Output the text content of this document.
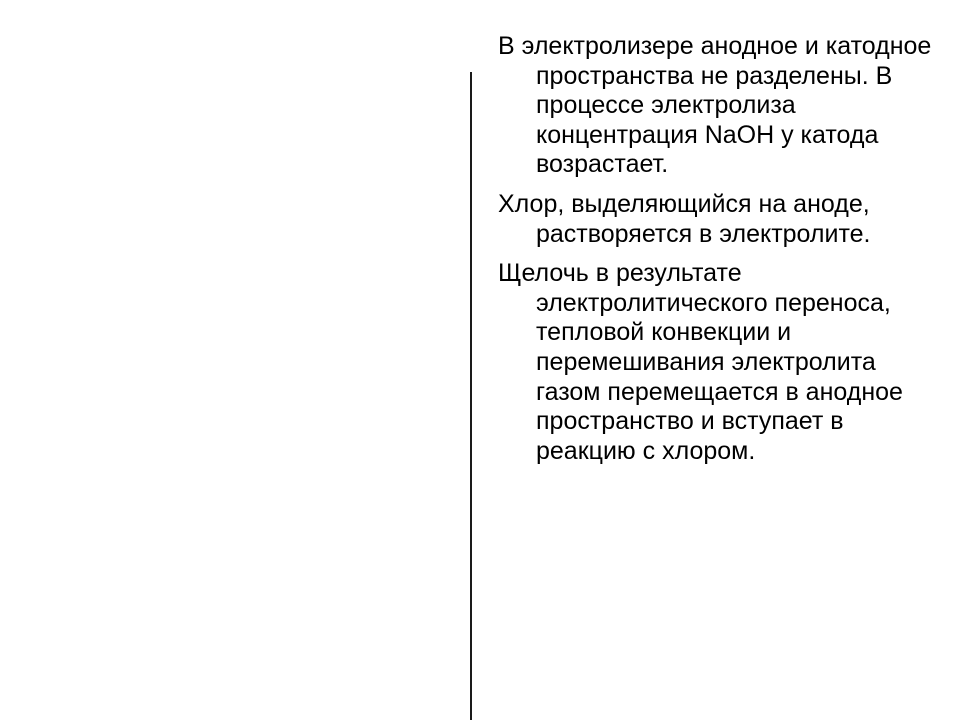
В электролизере анодное и катодное пространства не разделены. В процессе электролиза концентрация NaOH у катода возрастает.

Хлор, выделяющийся на аноде, растворяется в электролите.

Щелочь в результате электролитического переноса, тепловой конвекции и перемешивания электролита газом перемещается в анодное пространство и вступает в реакцию с хлором.
